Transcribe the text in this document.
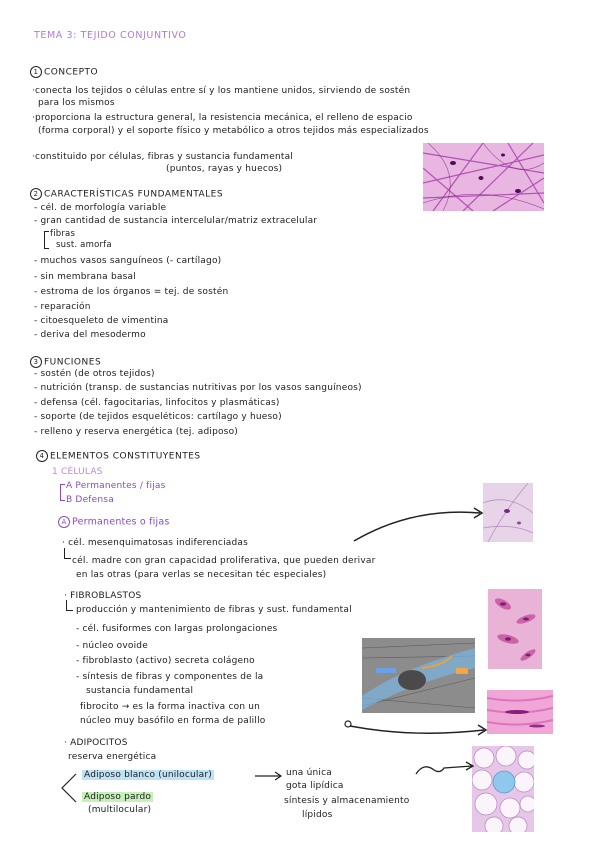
TEMA 3: TEJIDO CONJUNTIVO
1 CONCEPTO
·conecta los tejidos o células entre sí y los mantiene unidos, sirviendo de sostén
para los mismos
·proporciona la estructura general, la resistencia mecánica, el relleno de espacio
(forma corporal) y el soporte físico y metabólico a otros tejidos más especializados
·constituido por células, fibras y sustancia fundamental
(puntos, rayas y huecos)
2 CARACTERÍSTICAS FUNDAMENTALES
- cél. de morfología variable
- gran cantidad de sustancia intercelular/matriz extracelular
fibras
sust. amorfa
- muchos vasos sanguíneos (- cartílago)
- sin membrana basal
- estroma de los órganos = tej. de sostén
- reparación
- citoesqueleto de vimentina
- deriva del mesodermo
3 FUNCIONES
- sostén (de otros tejidos)
- nutrición (transp. de sustancias nutritivas por los vasos sanguíneos)
- defensa (cél. fagocitarias, linfocitos y plasmáticas)
- soporte (de tejidos esqueléticos: cartílago y hueso)
- relleno y reserva energética (tej. adiposo)
4 ELEMENTOS CONSTITUYENTES
1 CÉLULAS
A Permanentes / fijas
B Defensa
A Permanentes o fijas
· cél. mesenquimatosas indiferenciadas
cél. madre con gran capacidad proliferativa, que pueden derivar
en las otras (para verlas se necesitan téc especiales)
· FIBROBLASTOS
producción y mantenimiento de fibras y sust. fundamental
- cél. fusiformes con largas prolongaciones
- núcleo ovoide
- fibroblasto (activo) secreta colágeno
- síntesis de fibras y componentes de la
sustancia fundamental
fibrocito → es la forma inactiva con un
núcleo muy basófilo en forma de palillo
· ADIPOCITOS
reserva energética
Adiposo blanco (unilocular)	una única
gota lipídica
Adiposo pardo
(multilocular)
síntesis y almacenamiento
lípidos
